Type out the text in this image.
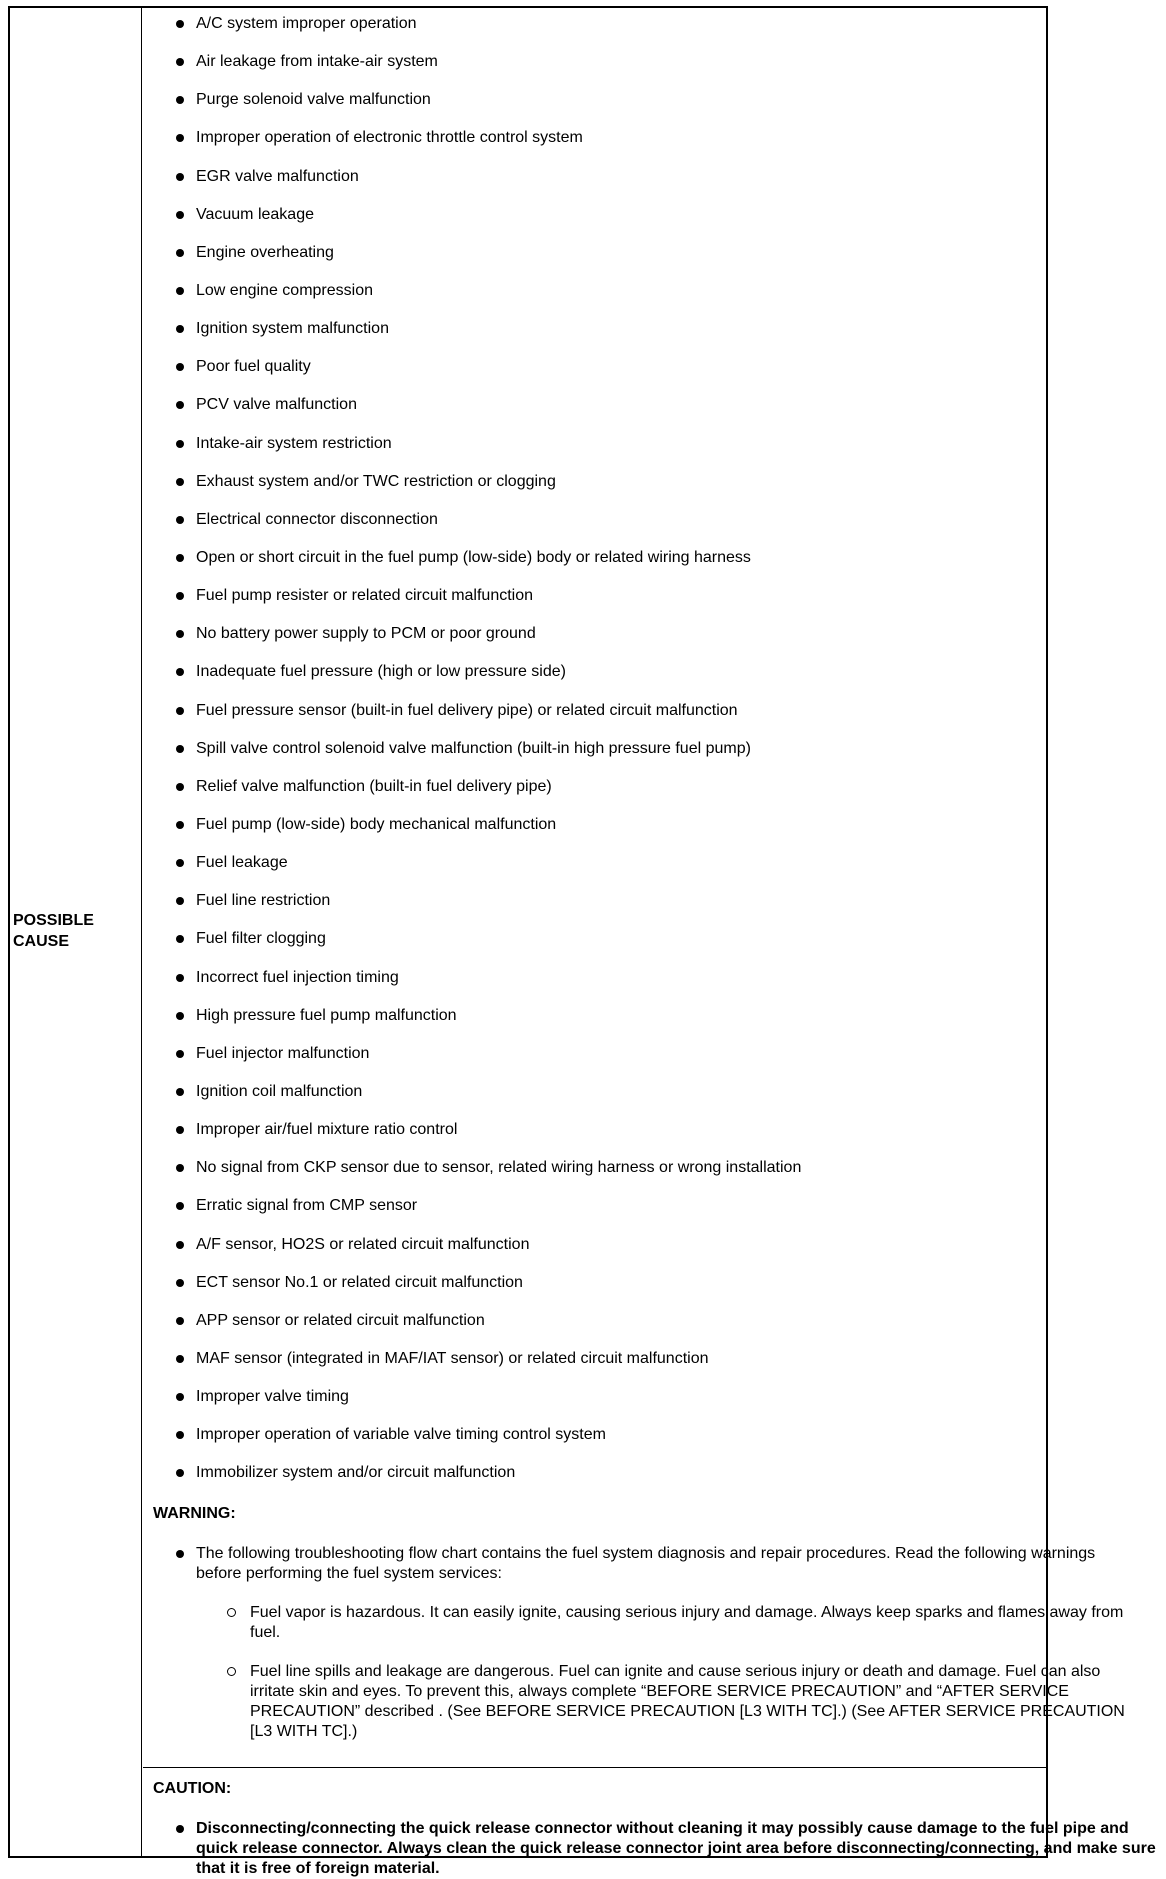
POSSIBLE
CAUSE
A/C system improper operation
Air leakage from intake-air system
Purge solenoid valve malfunction
Improper operation of electronic throttle control system
EGR valve malfunction
Vacuum leakage
Engine overheating
Low engine compression
Ignition system malfunction
Poor fuel quality
PCV valve malfunction
Intake-air system restriction
Exhaust system and/or TWC restriction or clogging
Electrical connector disconnection
Open or short circuit in the fuel pump (low-side) body or related wiring harness
Fuel pump resister or related circuit malfunction
No battery power supply to PCM or poor ground
Inadequate fuel pressure (high or low pressure side)
Fuel pressure sensor (built-in fuel delivery pipe) or related circuit malfunction
Spill valve control solenoid valve malfunction (built-in high pressure fuel pump)
Relief valve malfunction (built-in fuel delivery pipe)
Fuel pump (low-side) body mechanical malfunction
Fuel leakage
Fuel line restriction
Fuel filter clogging
Incorrect fuel injection timing
High pressure fuel pump malfunction
Fuel injector malfunction
Ignition coil malfunction
Improper air/fuel mixture ratio control
No signal from CKP sensor due to sensor, related wiring harness or wrong installation
Erratic signal from CMP sensor
A/F sensor, HO2S or related circuit malfunction
ECT sensor No.1 or related circuit malfunction
APP sensor or related circuit malfunction
MAF sensor (integrated in MAF/IAT sensor) or related circuit malfunction
Improper valve timing
Improper operation of variable valve timing control system
Immobilizer system and/or circuit malfunction
WARNING:
The following troubleshooting flow chart contains the fuel system diagnosis and repair procedures. Read the following warnings before performing the fuel system services:
Fuel vapor is hazardous. It can easily ignite, causing serious injury and damage. Always keep sparks and flames away from fuel.
Fuel line spills and leakage are dangerous. Fuel can ignite and cause serious injury or death and damage. Fuel can also irritate skin and eyes. To prevent this, always complete “BEFORE SERVICE PRECAUTION” and “AFTER SERVICE PRECAUTION” described . (See BEFORE SERVICE PRECAUTION [L3 WITH TC].) (See AFTER SERVICE PRECAUTION [L3 WITH TC].)
CAUTION:
Disconnecting/connecting the quick release connector without cleaning it may possibly cause damage to the fuel pipe and quick release connector. Always clean the quick release connector joint area before disconnecting/connecting, and make sure that it is free of foreign material.
